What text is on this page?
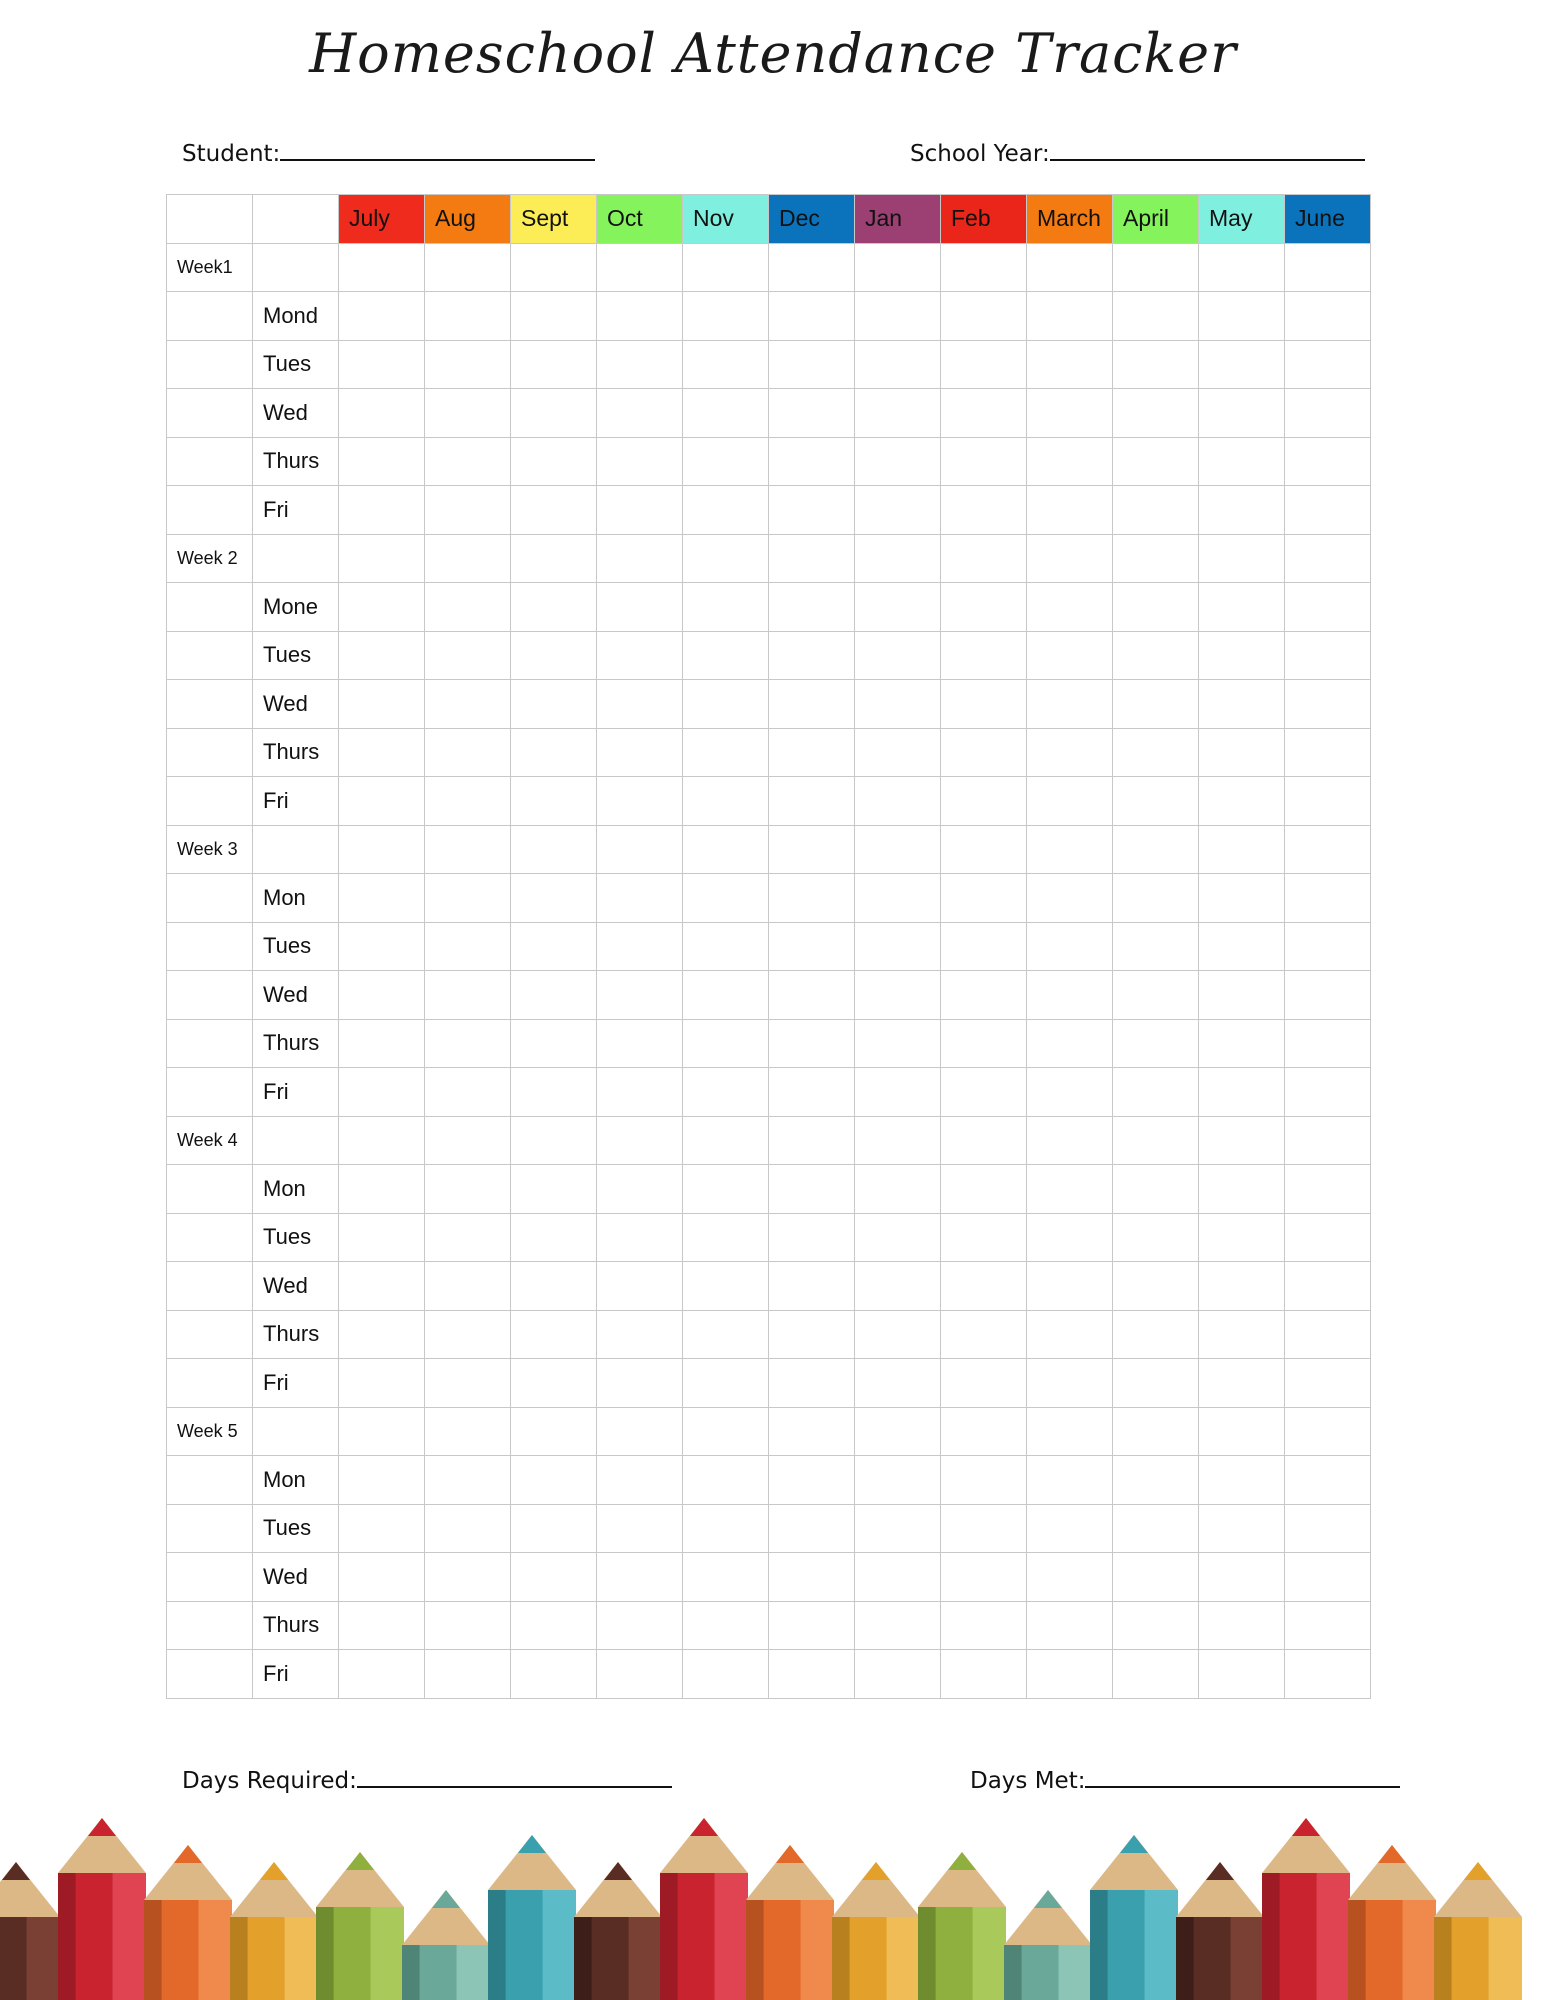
Homeschool Attendance Tracker
Student:	School Year:
		July	Aug	Sept	Oct	Nov	Dec	Jan	Feb	March	April	May	June
Week1													
	Mond												
	Tues												
	Wed												
	Thurs												
	Fri												
Week 2													
	Mone												
	Tues												
	Wed												
	Thurs												
	Fri												
Week 3													
	Mon												
	Tues												
	Wed												
	Thurs												
	Fri												
Week 4													
	Mon												
	Tues												
	Wed												
	Thurs												
	Fri												
Week 5													
	Mon												
	Tues												
	Wed												
	Thurs												
	Fri												
Days Required:	Days Met:
